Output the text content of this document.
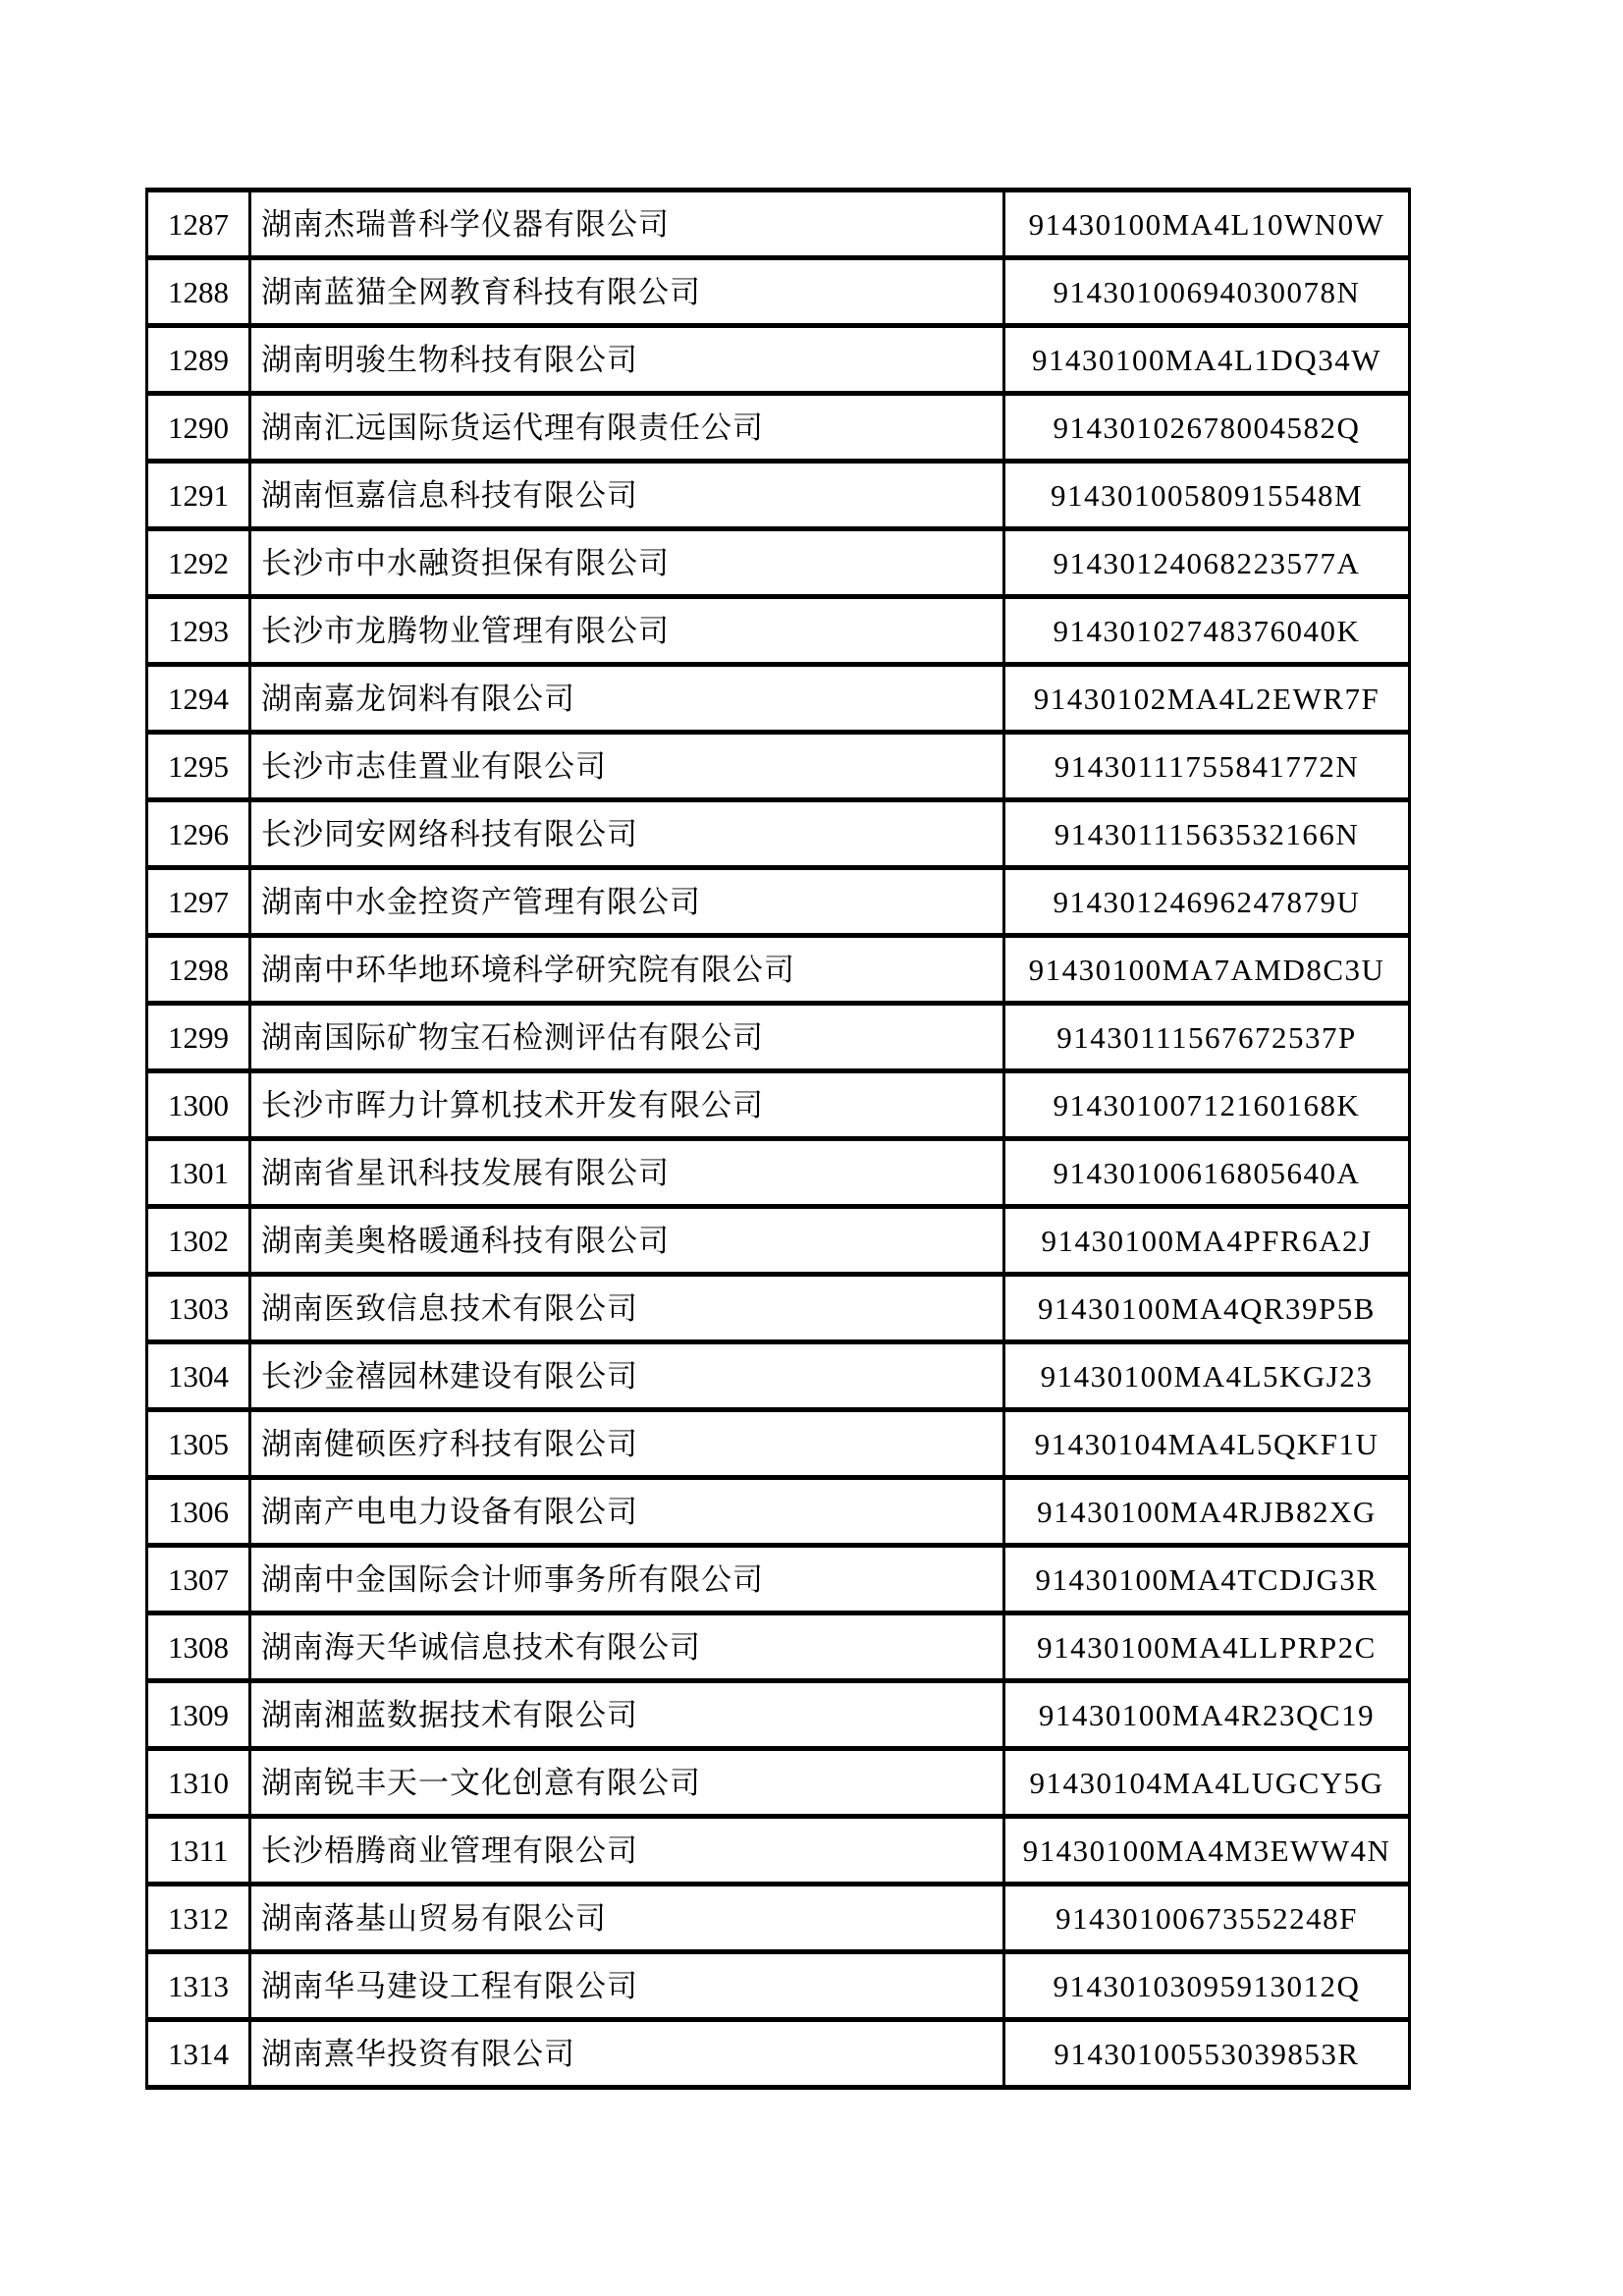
1287	湖南杰瑞普科学仪器有限公司	91430100MA4L10WN0W
1288	湖南蓝猫全网教育科技有限公司	91430100694030078N
1289	湖南明骏生物科技有限公司	91430100MA4L1DQ34W
1290	湖南汇远国际货运代理有限责任公司	91430102678004582Q
1291	湖南恒嘉信息科技有限公司	91430100580915548M
1292	长沙市中水融资担保有限公司	91430124068223577A
1293	长沙市龙腾物业管理有限公司	91430102748376040K
1294	湖南嘉龙饲料有限公司	91430102MA4L2EWR7F
1295	长沙市志佳置业有限公司	91430111755841772N
1296	长沙同安网络科技有限公司	91430111563532166N
1297	湖南中水金控资产管理有限公司	91430124696247879U
1298	湖南中环华地环境科学研究院有限公司	91430100MA7AMD8C3U
1299	湖南国际矿物宝石检测评估有限公司	91430111567672537P
1300	长沙市晖力计算机技术开发有限公司	91430100712160168K
1301	湖南省星讯科技发展有限公司	91430100616805640A
1302	湖南美奥格暖通科技有限公司	91430100MA4PFR6A2J
1303	湖南医致信息技术有限公司	91430100MA4QR39P5B
1304	长沙金禧园林建设有限公司	91430100MA4L5KGJ23
1305	湖南健硕医疗科技有限公司	91430104MA4L5QKF1U
1306	湖南产电电力设备有限公司	91430100MA4RJB82XG
1307	湖南中金国际会计师事务所有限公司	91430100MA4TCDJG3R
1308	湖南海天华诚信息技术有限公司	91430100MA4LLPRP2C
1309	湖南湘蓝数据技术有限公司	91430100MA4R23QC19
1310	湖南锐丰天一文化创意有限公司	91430104MA4LUGCY5G
1311	长沙梧腾商业管理有限公司	91430100MA4M3EWW4N
1312	湖南落基山贸易有限公司	91430100673552248F
1313	湖南华马建设工程有限公司	91430103095913012Q
1314	湖南熹华投资有限公司	91430100553039853R
